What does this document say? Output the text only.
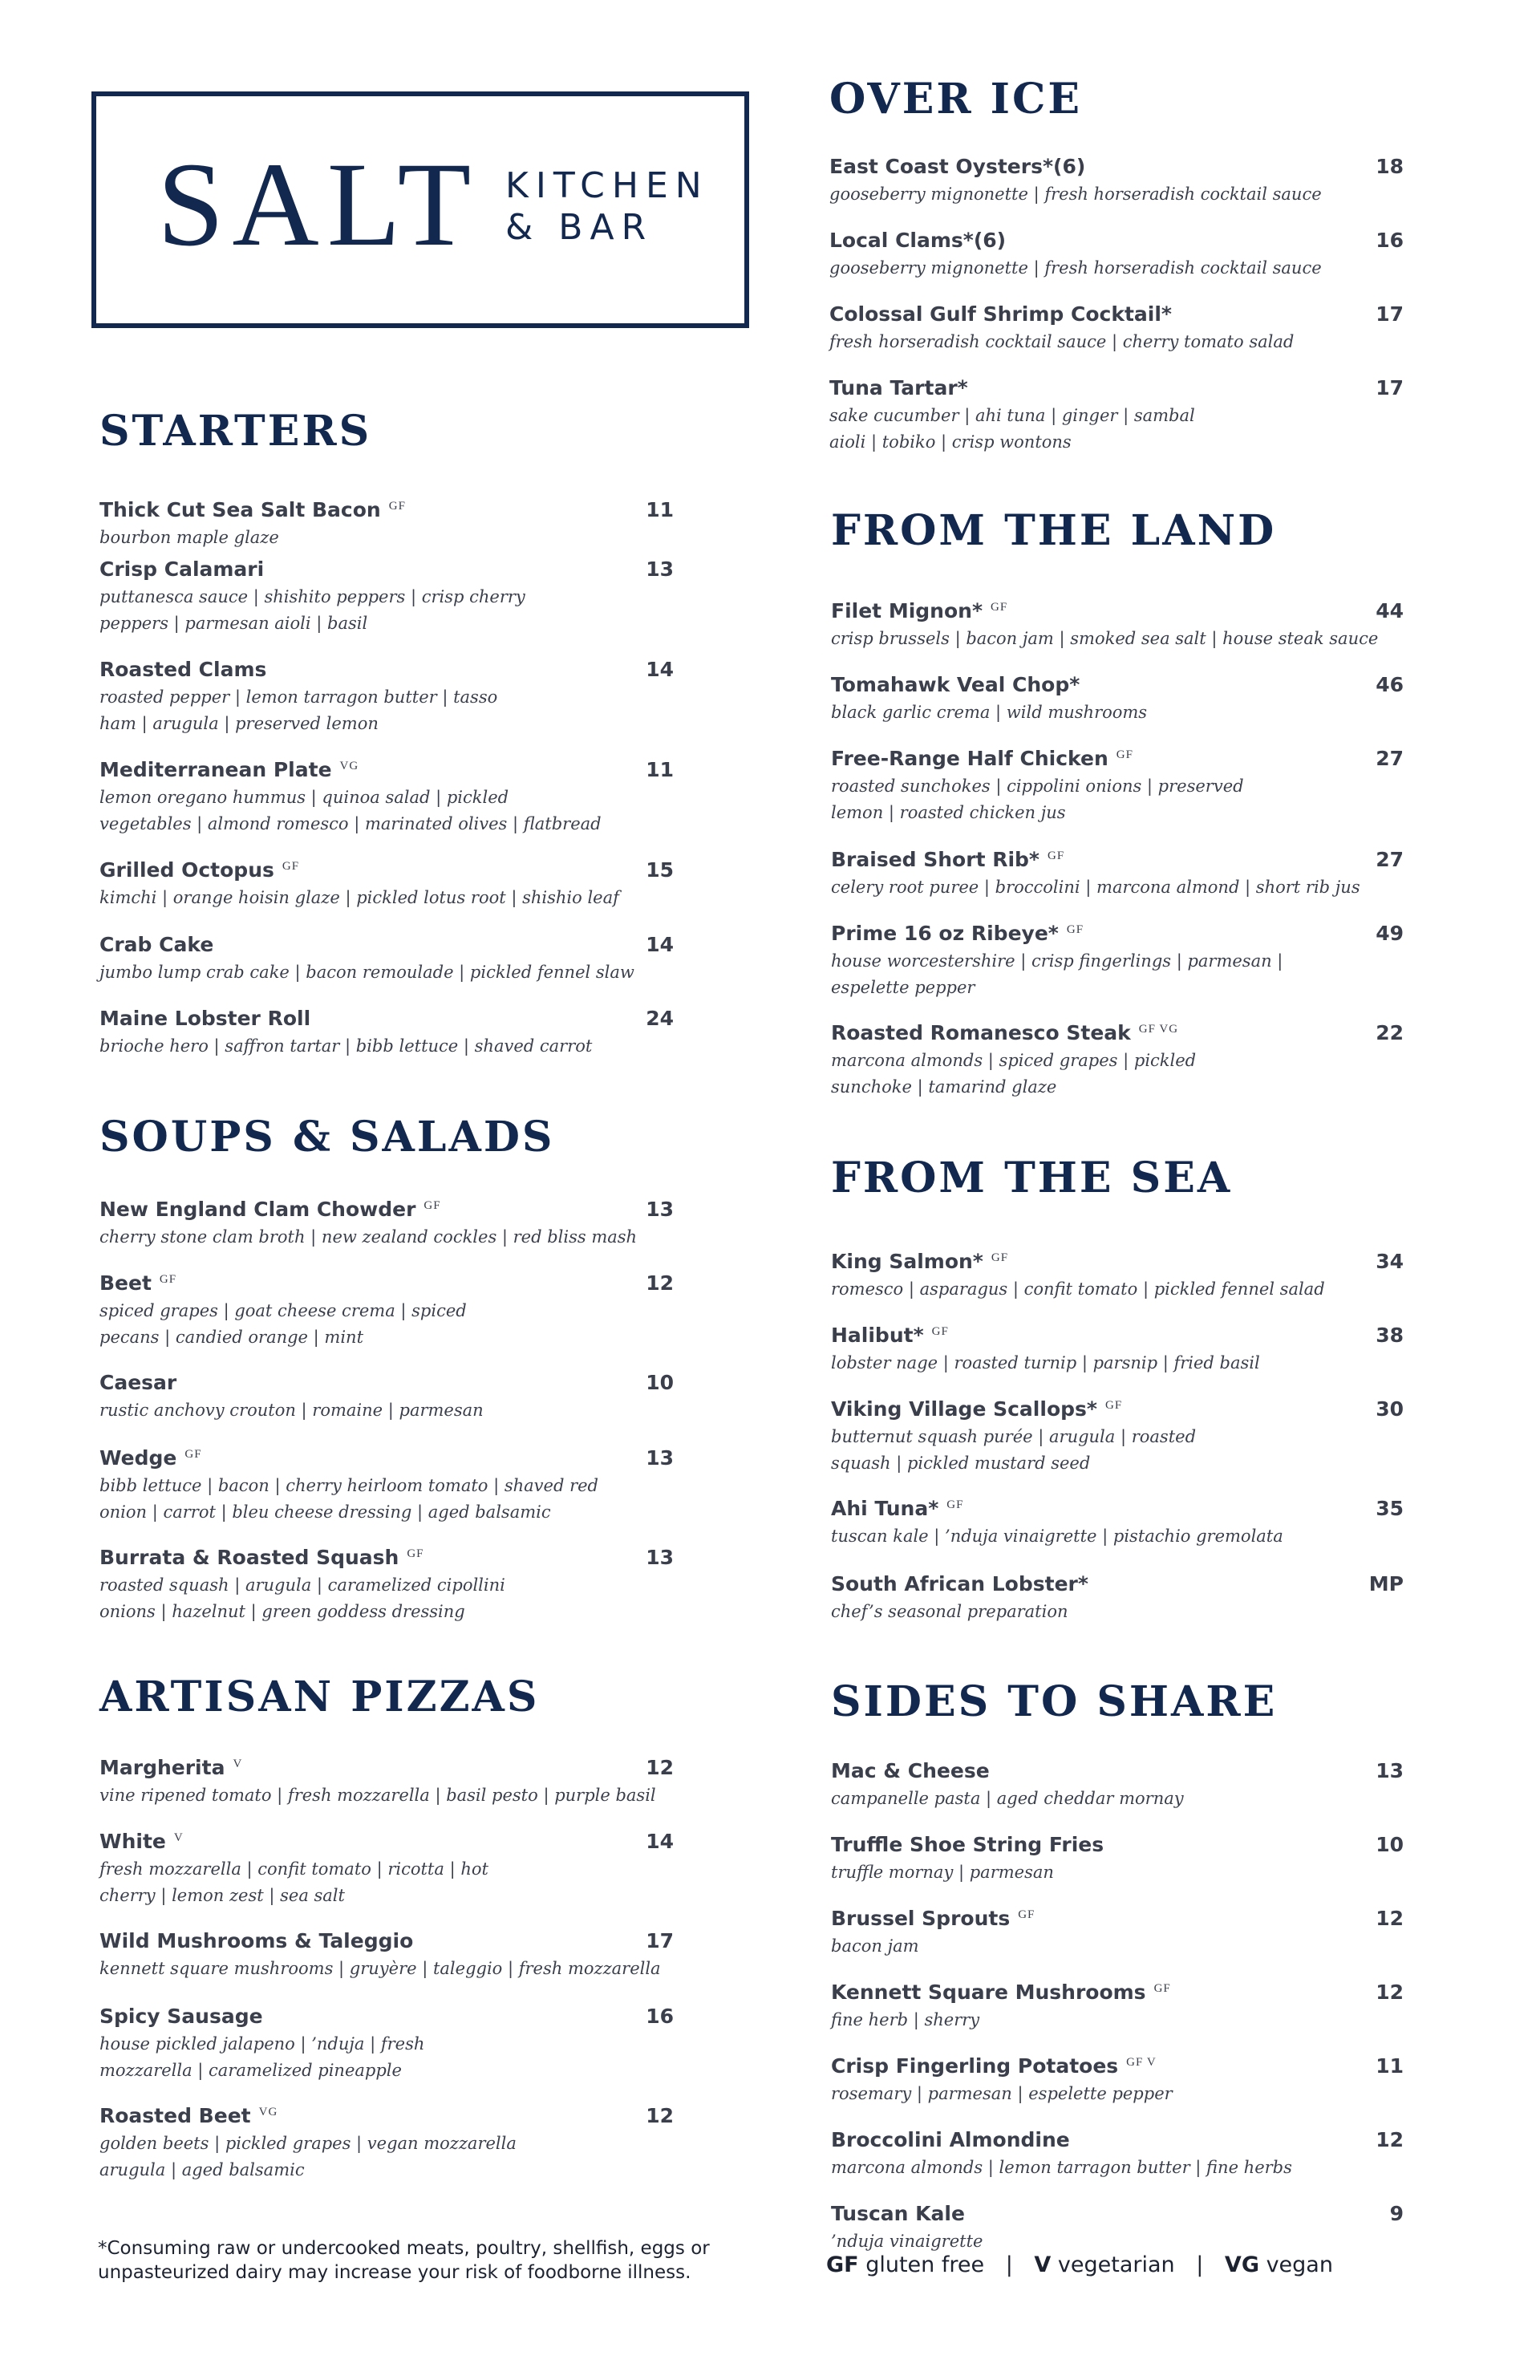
SALT KITCHEN
& BAR
STARTERS
Thick Cut Sea Salt Bacon GF	11
bourbon maple glaze
Crisp Calamari	13
puttanesca sauce | shishito peppers | crisp cherry
peppers | parmesan aioli | basil
Roasted Clams	14
roasted pepper | lemon tarragon butter | tasso
ham | arugula | preserved lemon
Mediterranean Plate VG	11
lemon oregano hummus | quinoa salad | pickled
vegetables | almond romesco | marinated olives | flatbread
Grilled Octopus GF	15
kimchi | orange hoisin glaze | pickled lotus root | shishio leaf
Crab Cake	14
jumbo lump crab cake | bacon remoulade | pickled fennel slaw
Maine Lobster Roll	24
brioche hero | saffron tartar | bibb lettuce | shaved carrot
SOUPS & SALADS
New England Clam Chowder GF	13
cherry stone clam broth | new zealand cockles | red bliss mash
Beet GF	12
spiced grapes | goat cheese crema | spiced
pecans | candied orange | mint
Caesar	10
rustic anchovy crouton | romaine | parmesan
Wedge GF	13
bibb lettuce | bacon | cherry heirloom tomato | shaved red
onion | carrot | bleu cheese dressing | aged balsamic
Burrata & Roasted Squash GF	13
roasted squash | arugula | caramelized cipollini
onions | hazelnut | green goddess dressing
ARTISAN PIZZAS
Margherita V	12
vine ripened tomato | fresh mozzarella | basil pesto | purple basil
White V	14
fresh mozzarella | confit tomato | ricotta | hot
cherry | lemon zest | sea salt
Wild Mushrooms & Taleggio	17
kennett square mushrooms | gruyère | taleggio | fresh mozzarella
Spicy Sausage	16
house pickled jalapeno | ’nduja | fresh
mozzarella | caramelized pineapple
Roasted Beet VG	12
golden beets | pickled grapes | vegan mozzarella
arugula | aged balsamic
OVER ICE
East Coast Oysters*(6)	18
gooseberry mignonette | fresh horseradish cocktail sauce
Local Clams*(6)	16
gooseberry mignonette | fresh horseradish cocktail sauce
Colossal Gulf Shrimp Cocktail*	17
fresh horseradish cocktail sauce | cherry tomato salad
Tuna Tartar*	17
sake cucumber | ahi tuna | ginger | sambal
aioli | tobiko | crisp wontons
FROM THE LAND
Filet Mignon* GF	44
crisp brussels | bacon jam | smoked sea salt | house steak sauce
Tomahawk Veal Chop*	46
black garlic crema | wild mushrooms
Free-Range Half Chicken GF	27
roasted sunchokes | cippolini onions | preserved
lemon | roasted chicken jus
Braised Short Rib* GF	27
celery root puree | broccolini | marcona almond | short rib jus
Prime 16 oz Ribeye* GF	49
house worcestershire | crisp fingerlings | parmesan |
espelette pepper
Roasted Romanesco Steak GF VG	22
marcona almonds | spiced grapes | pickled
sunchoke | tamarind glaze
FROM THE SEA
King Salmon* GF	34
romesco | asparagus | confit tomato | pickled fennel salad
Halibut* GF	38
lobster nage | roasted turnip | parsnip | fried basil
Viking Village Scallops* GF	30
butternut squash purée | arugula | roasted
squash | pickled mustard seed
Ahi Tuna* GF	35
tuscan kale | ’nduja vinaigrette | pistachio gremolata
South African Lobster*	MP
chef’s seasonal preparation
SIDES TO SHARE
Mac & Cheese	13
campanelle pasta | aged cheddar mornay
Truffle Shoe String Fries	10
truffle mornay | parmesan
Brussel Sprouts GF	12
bacon jam
Kennett Square Mushrooms GF	12
fine herb | sherry
Crisp Fingerling Potatoes GF V	11
rosemary | parmesan | espelette pepper
Broccolini Almondine	12
marcona almonds | lemon tarragon butter | fine herbs
Tuscan Kale	9
’nduja vinaigrette
*Consuming raw or undercooked meats, poultry, shellfish, eggs or
unpasteurized dairy may increase your risk of foodborne illness.	GF gluten free | V vegetarian | VG vegan
